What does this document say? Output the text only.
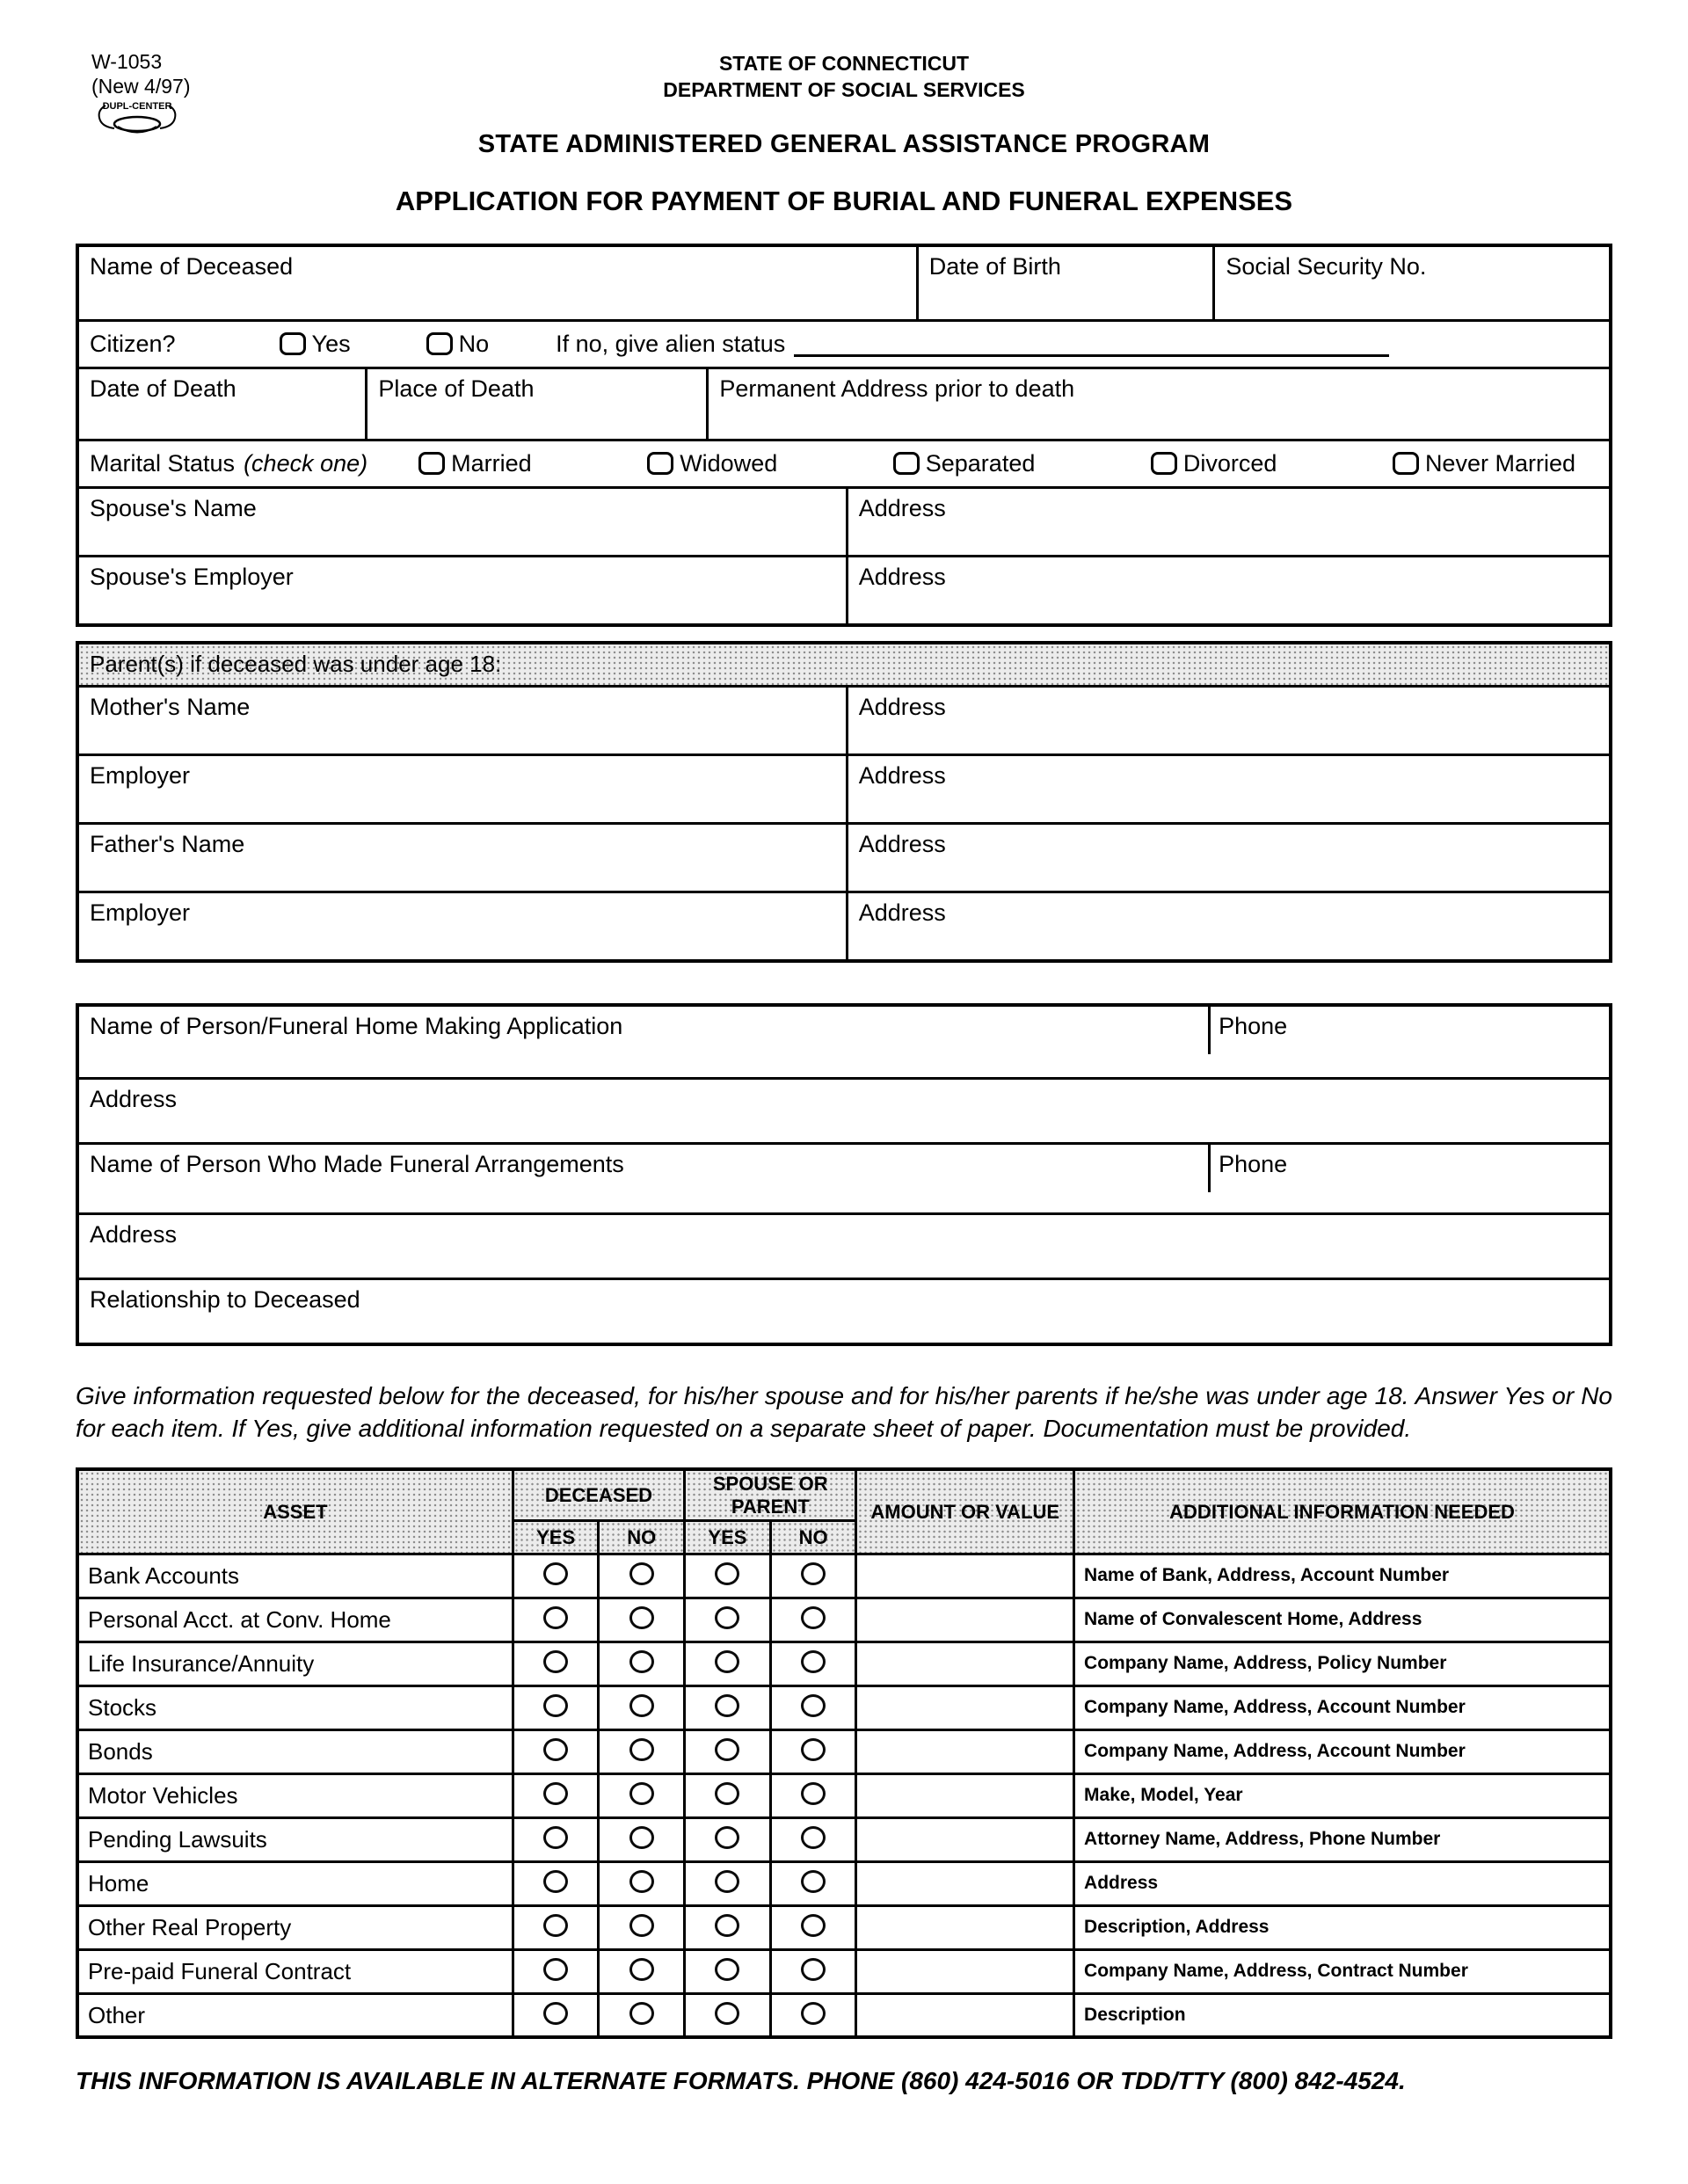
W-1053
(New 4/97)
DUPL-CENTER
STATE OF CONNECTICUT
DEPARTMENT OF SOCIAL SERVICES
STATE ADMINISTERED GENERAL ASSISTANCE PROGRAM
APPLICATION FOR PAYMENT OF BURIAL AND FUNERAL EXPENSES
Name of Deceased	Date of Birth	Social Security No.
Citizen?	Yes	No	If no, give alien status
Date of Death	Place of Death	Permanent Address prior to death
Marital Status (check one)	Married	Widowed	Separated	Divorced	Never Married
Spouse's Name	Address
Spouse's Employer	Address
Parent(s) if deceased was under age 18:
Mother's Name	Address
Employer	Address
Father's Name	Address
Employer	Address
Name of Person/Funeral Home Making Application	Phone
Address
Name of Person Who Made Funeral Arrangements	Phone
Address
Relationship to Deceased
Give information requested below for the deceased, for his/her spouse and for his/her parents if he/she was under age 18. Answer Yes or No for each item. If Yes, give additional information requested on a separate sheet of paper. Documentation must be provided.
ASSET	DECEASED		SPOUSE OR PARENT		AMOUNT OR VALUE	ADDITIONAL INFORMATION NEEDED
	YES	NO	YES	NO		
Bank Accounts						Name of Bank, Address, Account Number
Personal Acct. at Conv. Home						Name of Convalescent Home, Address
Life Insurance/Annuity						Company Name, Address, Policy Number
Stocks						Company Name, Address, Account Number
Bonds						Company Name, Address, Account Number
Motor Vehicles						Make, Model, Year
Pending Lawsuits						Attorney Name, Address, Phone Number
Home						Address
Other Real Property						Description, Address
Pre-paid Funeral Contract						Company Name, Address, Contract Number
Other						Description
THIS INFORMATION IS AVAILABLE IN ALTERNATE FORMATS. PHONE (860) 424-5016 OR TDD/TTY (800) 842-4524.
